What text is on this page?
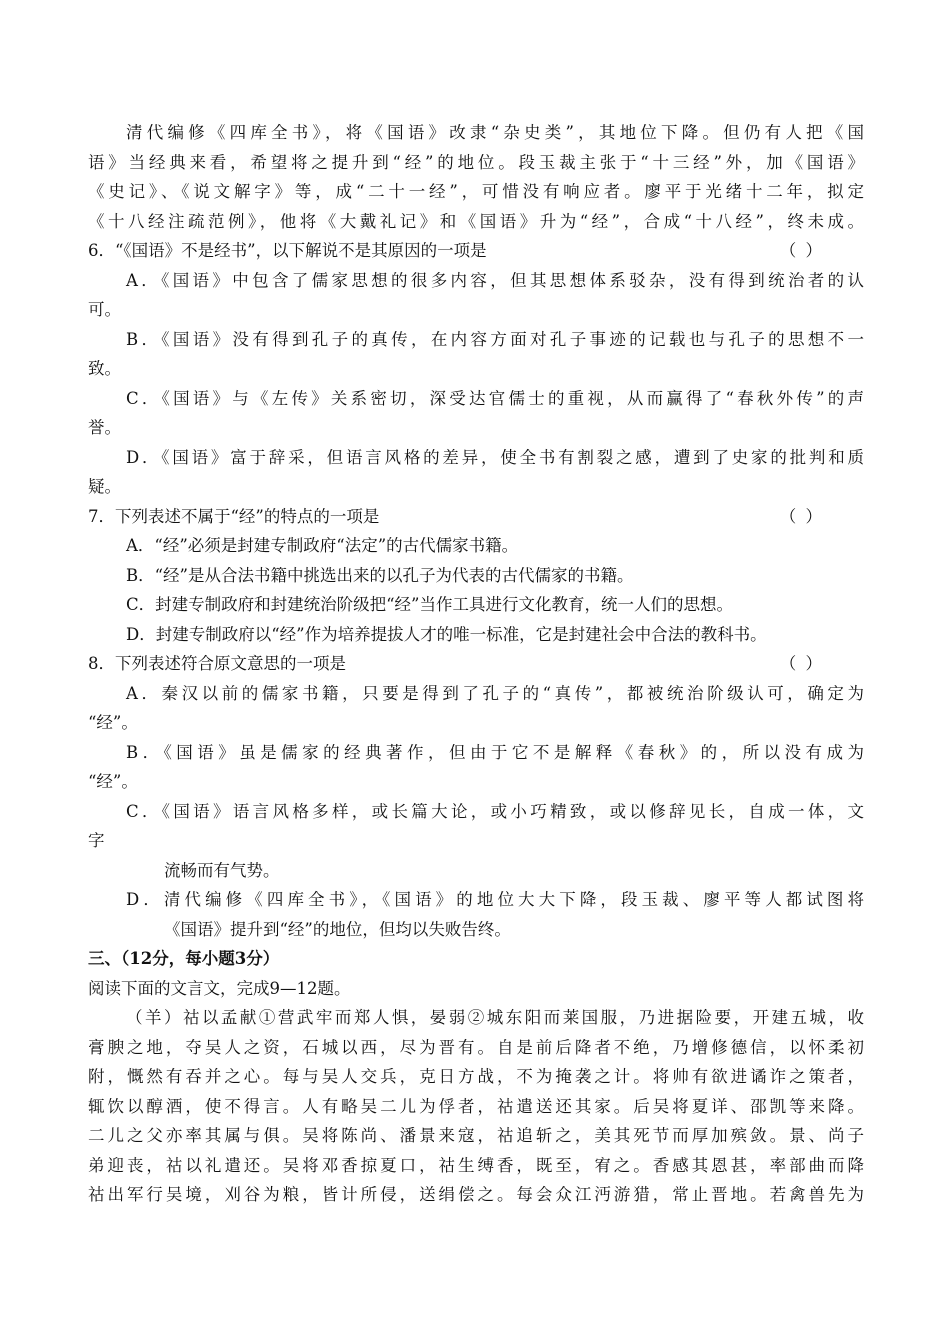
清代编修《四库全书》，将《国语》改隶“杂史类”，其地位下降。但仍有人把《国
语》当经典来看，希望将之提升到“经”的地位。段玉裁主张于“十三经”外，加《国语》
《史记》、《说文解字》等，成“二十一经”，可惜没有响应者。廖平于光绪十二年，拟定
《十八经注疏范例》，他将《大戴礼记》和《国语》升为“经”，合成“十八经”，终未成。
6．“《国语》不是经书”，以下解说不是其原因的一项是	（ ）
A．《国语》中包含了儒家思想的很多内容，但其思想体系驳杂，没有得到统治者的认
可。
B．《国语》没有得到孔子的真传，在内容方面对孔子事迹的记载也与孔子的思想不一
致。
C．《国语》与《左传》关系密切，深受达官儒士的重视，从而赢得了“春秋外传”的声
誉。
D．《国语》富于辞采，但语言风格的差异，使全书有割裂之感，遭到了史家的批判和质
疑。
7．下列表述不属于“经”的特点的一项是	（ ）
A．“经”必须是封建专制政府“法定”的古代儒家书籍。
B．“经”是从合法书籍中挑选出来的以孔子为代表的古代儒家的书籍。
C．封建专制政府和封建统治阶级把“经”当作工具进行文化教育，统一人们的思想。
D．封建专制政府以“经”作为培养提拔人才的唯一标准，它是封建社会中合法的教科书。
8．下列表述符合原文意思的一项是	（ ）
A．秦汉以前的儒家书籍，只要是得到了孔子的“真传”，都被统治阶级认可，确定为
“经”。
B．《国语》虽是儒家的经典著作，但由于它不是解释《春秋》的，所以没有成为
“经”。
C．《国语》语言风格多样，或长篇大论，或小巧精致，或以修辞见长，自成一体，文
字
流畅而有气势。
D．清代编修《四库全书》，《国语》的地位大大下降，段玉裁、廖平等人都试图将
《国语》提升到“经”的地位，但均以失败告终。
三、（12分，每小题3分）
阅读下面的文言文，完成9—12题。
（羊）祜以孟献①营武牢而郑人惧，晏弱②城东阳而莱国服，乃进据险要，开建五城，收
膏腴之地，夺吴人之资，石城以西，尽为晋有。自是前后降者不绝，乃增修德信，以怀柔初
附，慨然有吞并之心。每与吴人交兵，克日方战，不为掩袭之计。将帅有欲进谲诈之策者，
辄饮以醇酒，使不得言。人有略吴二儿为俘者，祜遣送还其家。后吴将夏详、邵凯等来降。
二儿之父亦率其属与俱。吴将陈尚、潘景来寇，祜追斩之，美其死节而厚加殡敛。景、尚子
弟迎丧，祜以礼遣还。吴将邓香掠夏口，祜生缚香，既至，宥之。香感其恩甚，率部曲而降
祜出军行吴境，刈谷为粮，皆计所侵，送绢偿之。每会众江沔游猎，常止晋地。若禽兽先为
